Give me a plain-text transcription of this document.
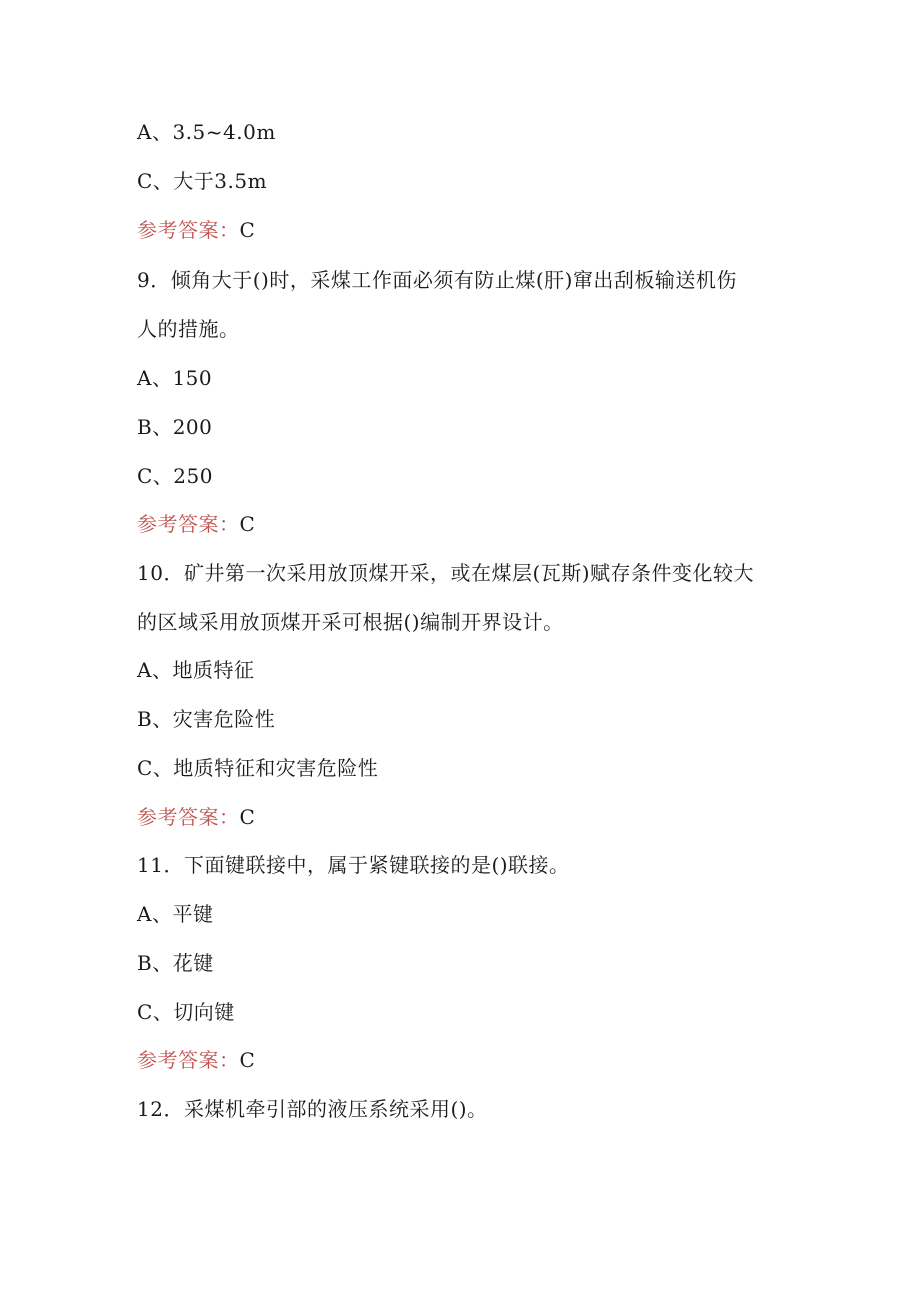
A、3.5~4.0m
C、大于3.5m
参考答案：C
9．倾角大于()时，采煤工作面必须有防止煤(肝)窜出刮板输送机伤
人的措施。
A、150
B、200
C、250
参考答案：C
10．矿井第一次采用放顶煤开采，或在煤层(瓦斯)赋存条件变化较大
的区域采用放顶煤开采可根据()编制开界设计。
A、地质特征
B、灾害危险性
C、地质特征和灾害危险性
参考答案：C
11．下面键联接中，属于紧键联接的是()联接。
A、平键
B、花键
C、切向键
参考答案：C
12．采煤机牵引部的液压系统采用()。
